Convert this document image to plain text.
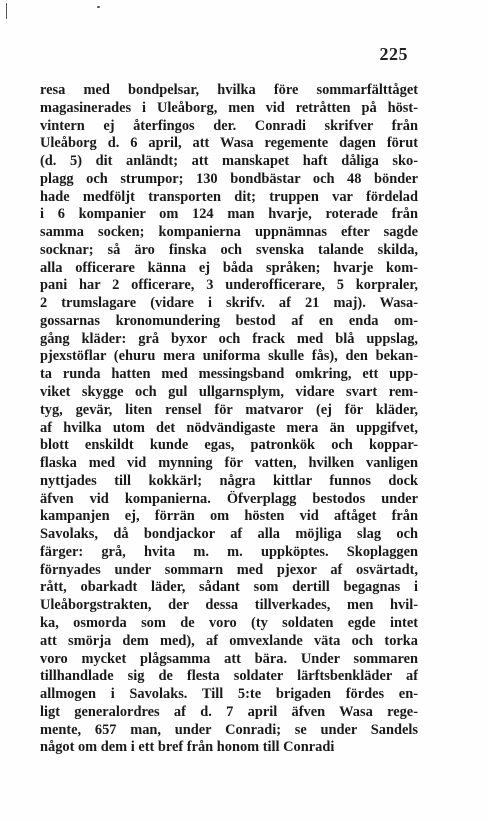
225
resa med bondpelsar, hvilka före sommarfälttåget
magasinerades i Uleåborg, men vid retråtten på höst-
vintern ej återfingos der. Conradi skrifver från
Uleåborg d. 6 april, att Wasa regemente dagen förut
(d. 5) dit anländt; att manskapet haft dåliga sko-
plagg och strumpor; 130 bondbästar och 48 bönder
hade medföljt transporten dit; truppen var fördelad
i 6 kompanier om 124 man hvarje, roterade från
samma socken; kompanierna uppnämnas efter sagde
socknar; så äro finska och svenska talande skilda,
alla officerare känna ej båda språken; hvarje kom-
pani har 2 officerare, 3 underofficerare, 5 korpraler,
2 trumslagare (vidare i skrifv. af 21 maj). Wasa-
gossarnas kronomundering bestod af en enda om-
gång kläder: grå byxor och frack med blå uppslag,
pjexstöflar (ehuru mera uniforma skulle fås), den bekan-
ta runda hatten med messingsband omkring, ett upp-
viket skygge och gul ullgarnsplym, vidare svart rem-
tyg, gevär, liten rensel för matvaror (ej för kläder,
af hvilka utom det nödvändigaste mera än uppgifvet,
blott enskildt kunde egas, patronkök och koppar-
flaska med vid mynning för vatten, hvilken vanligen
nyttjades till kokkärl; några kittlar funnos dock
äfven vid kompanierna. Öfverplagg bestodos under
kampanjen ej, förrän om hösten vid aftåget från
Savolaks, då bondjackor af alla möjliga slag och
färger: grå, hvita m. m. uppköptes. Skoplaggen
förnyades under sommarn med pjexor af osvärtadt,
rått, obarkadt läder, sådant som dertill begagnas i
Uleåborgstrakten, der dessa tillverkades, men hvil-
ka, osmorda som de voro (ty soldaten egde intet
att smörja dem med), af omvexlande väta och torka
voro mycket plågsamma att bära. Under sommaren
tillhandlade sig de flesta soldater lärftsbenkläder af
allmogen i Savolaks. Till 5:te brigaden fördes en-
ligt generalordres af d. 7 april äfven Wasa rege-
mente, 657 man, under Conradi; se under Sandels
något om dem i ett bref från honom till Conradi
